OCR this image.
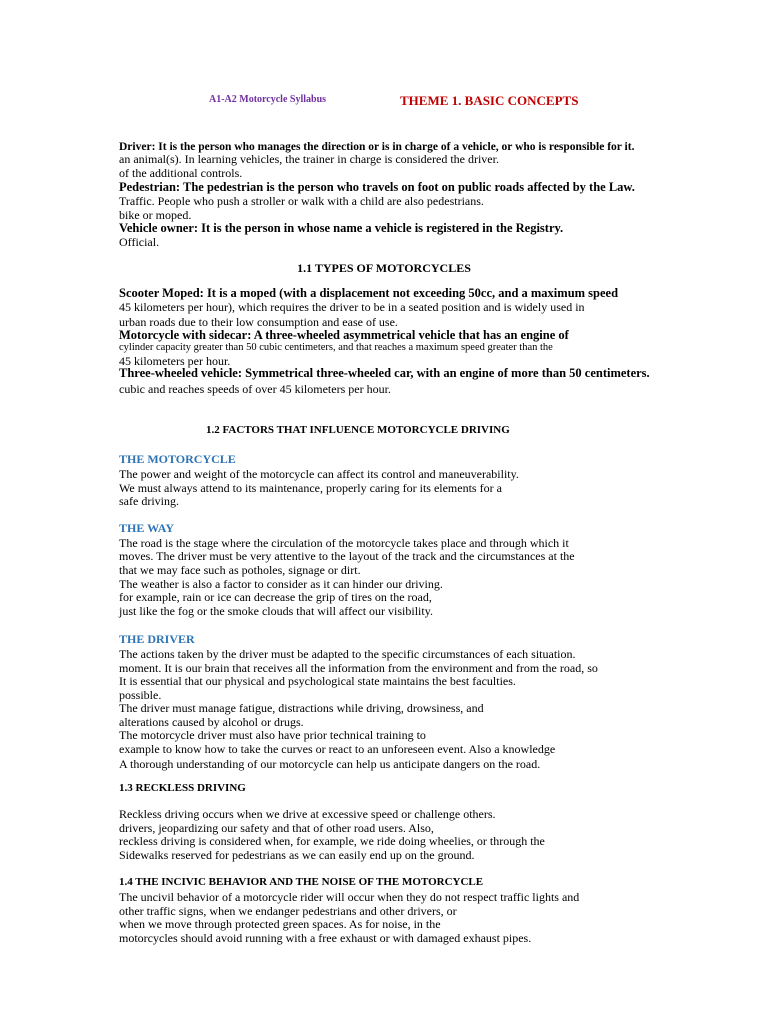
A1-A2 Motorcycle Syllabus	THEME 1. BASIC CONCEPTS
Driver: It is the person who manages the direction or is in charge of a vehicle, or who is responsible for it.
an animal(s). In learning vehicles, the trainer in charge is considered the driver.
of the additional controls.
Pedestrian: The pedestrian is the person who travels on foot on public roads affected by the Law.
Traffic. People who push a stroller or walk with a child are also pedestrians.
bike or moped.
Vehicle owner: It is the person in whose name a vehicle is registered in the Registry.
Official.
1.1 TYPES OF MOTORCYCLES
Scooter Moped: It is a moped (with a displacement not exceeding 50cc, and a maximum speed
45 kilometers per hour), which requires the driver to be in a seated position and is widely used in
urban roads due to their low consumption and ease of use.
Motorcycle with sidecar: A three-wheeled asymmetrical vehicle that has an engine of
cylinder capacity greater than 50 cubic centimeters, and that reaches a maximum speed greater than the
45 kilometers per hour.
Three-wheeled vehicle: Symmetrical three-wheeled car, with an engine of more than 50 centimeters.
cubic and reaches speeds of over 45 kilometers per hour.
1.2 FACTORS THAT INFLUENCE MOTORCYCLE DRIVING
THE MOTORCYCLE
The power and weight of the motorcycle can affect its control and maneuverability.
We must always attend to its maintenance, properly caring for its elements for a
safe driving.
THE WAY
The road is the stage where the circulation of the motorcycle takes place and through which it
moves. The driver must be very attentive to the layout of the track and the circumstances at the
that we may face such as potholes, signage or dirt.
The weather is also a factor to consider as it can hinder our driving.
for example, rain or ice can decrease the grip of tires on the road,
just like the fog or the smoke clouds that will affect our visibility.
THE DRIVER
The actions taken by the driver must be adapted to the specific circumstances of each situation.
moment. It is our brain that receives all the information from the environment and from the road, so
It is essential that our physical and psychological state maintains the best faculties.
possible.
The driver must manage fatigue, distractions while driving, drowsiness, and
alterations caused by alcohol or drugs.
The motorcycle driver must also have prior technical training to
example to know how to take the curves or react to an unforeseen event. Also a knowledge
A thorough understanding of our motorcycle can help us anticipate dangers on the road.
1.3 RECKLESS DRIVING
Reckless driving occurs when we drive at excessive speed or challenge others.
drivers, jeopardizing our safety and that of other road users. Also,
reckless driving is considered when, for example, we ride doing wheelies, or through the
Sidewalks reserved for pedestrians as we can easily end up on the ground.
1.4 THE INCIVIC BEHAVIOR AND THE NOISE OF THE MOTORCYCLE
The uncivil behavior of a motorcycle rider will occur when they do not respect traffic lights and
other traffic signs, when we endanger pedestrians and other drivers, or
when we move through protected green spaces. As for noise, in the
motorcycles should avoid running with a free exhaust or with damaged exhaust pipes.
